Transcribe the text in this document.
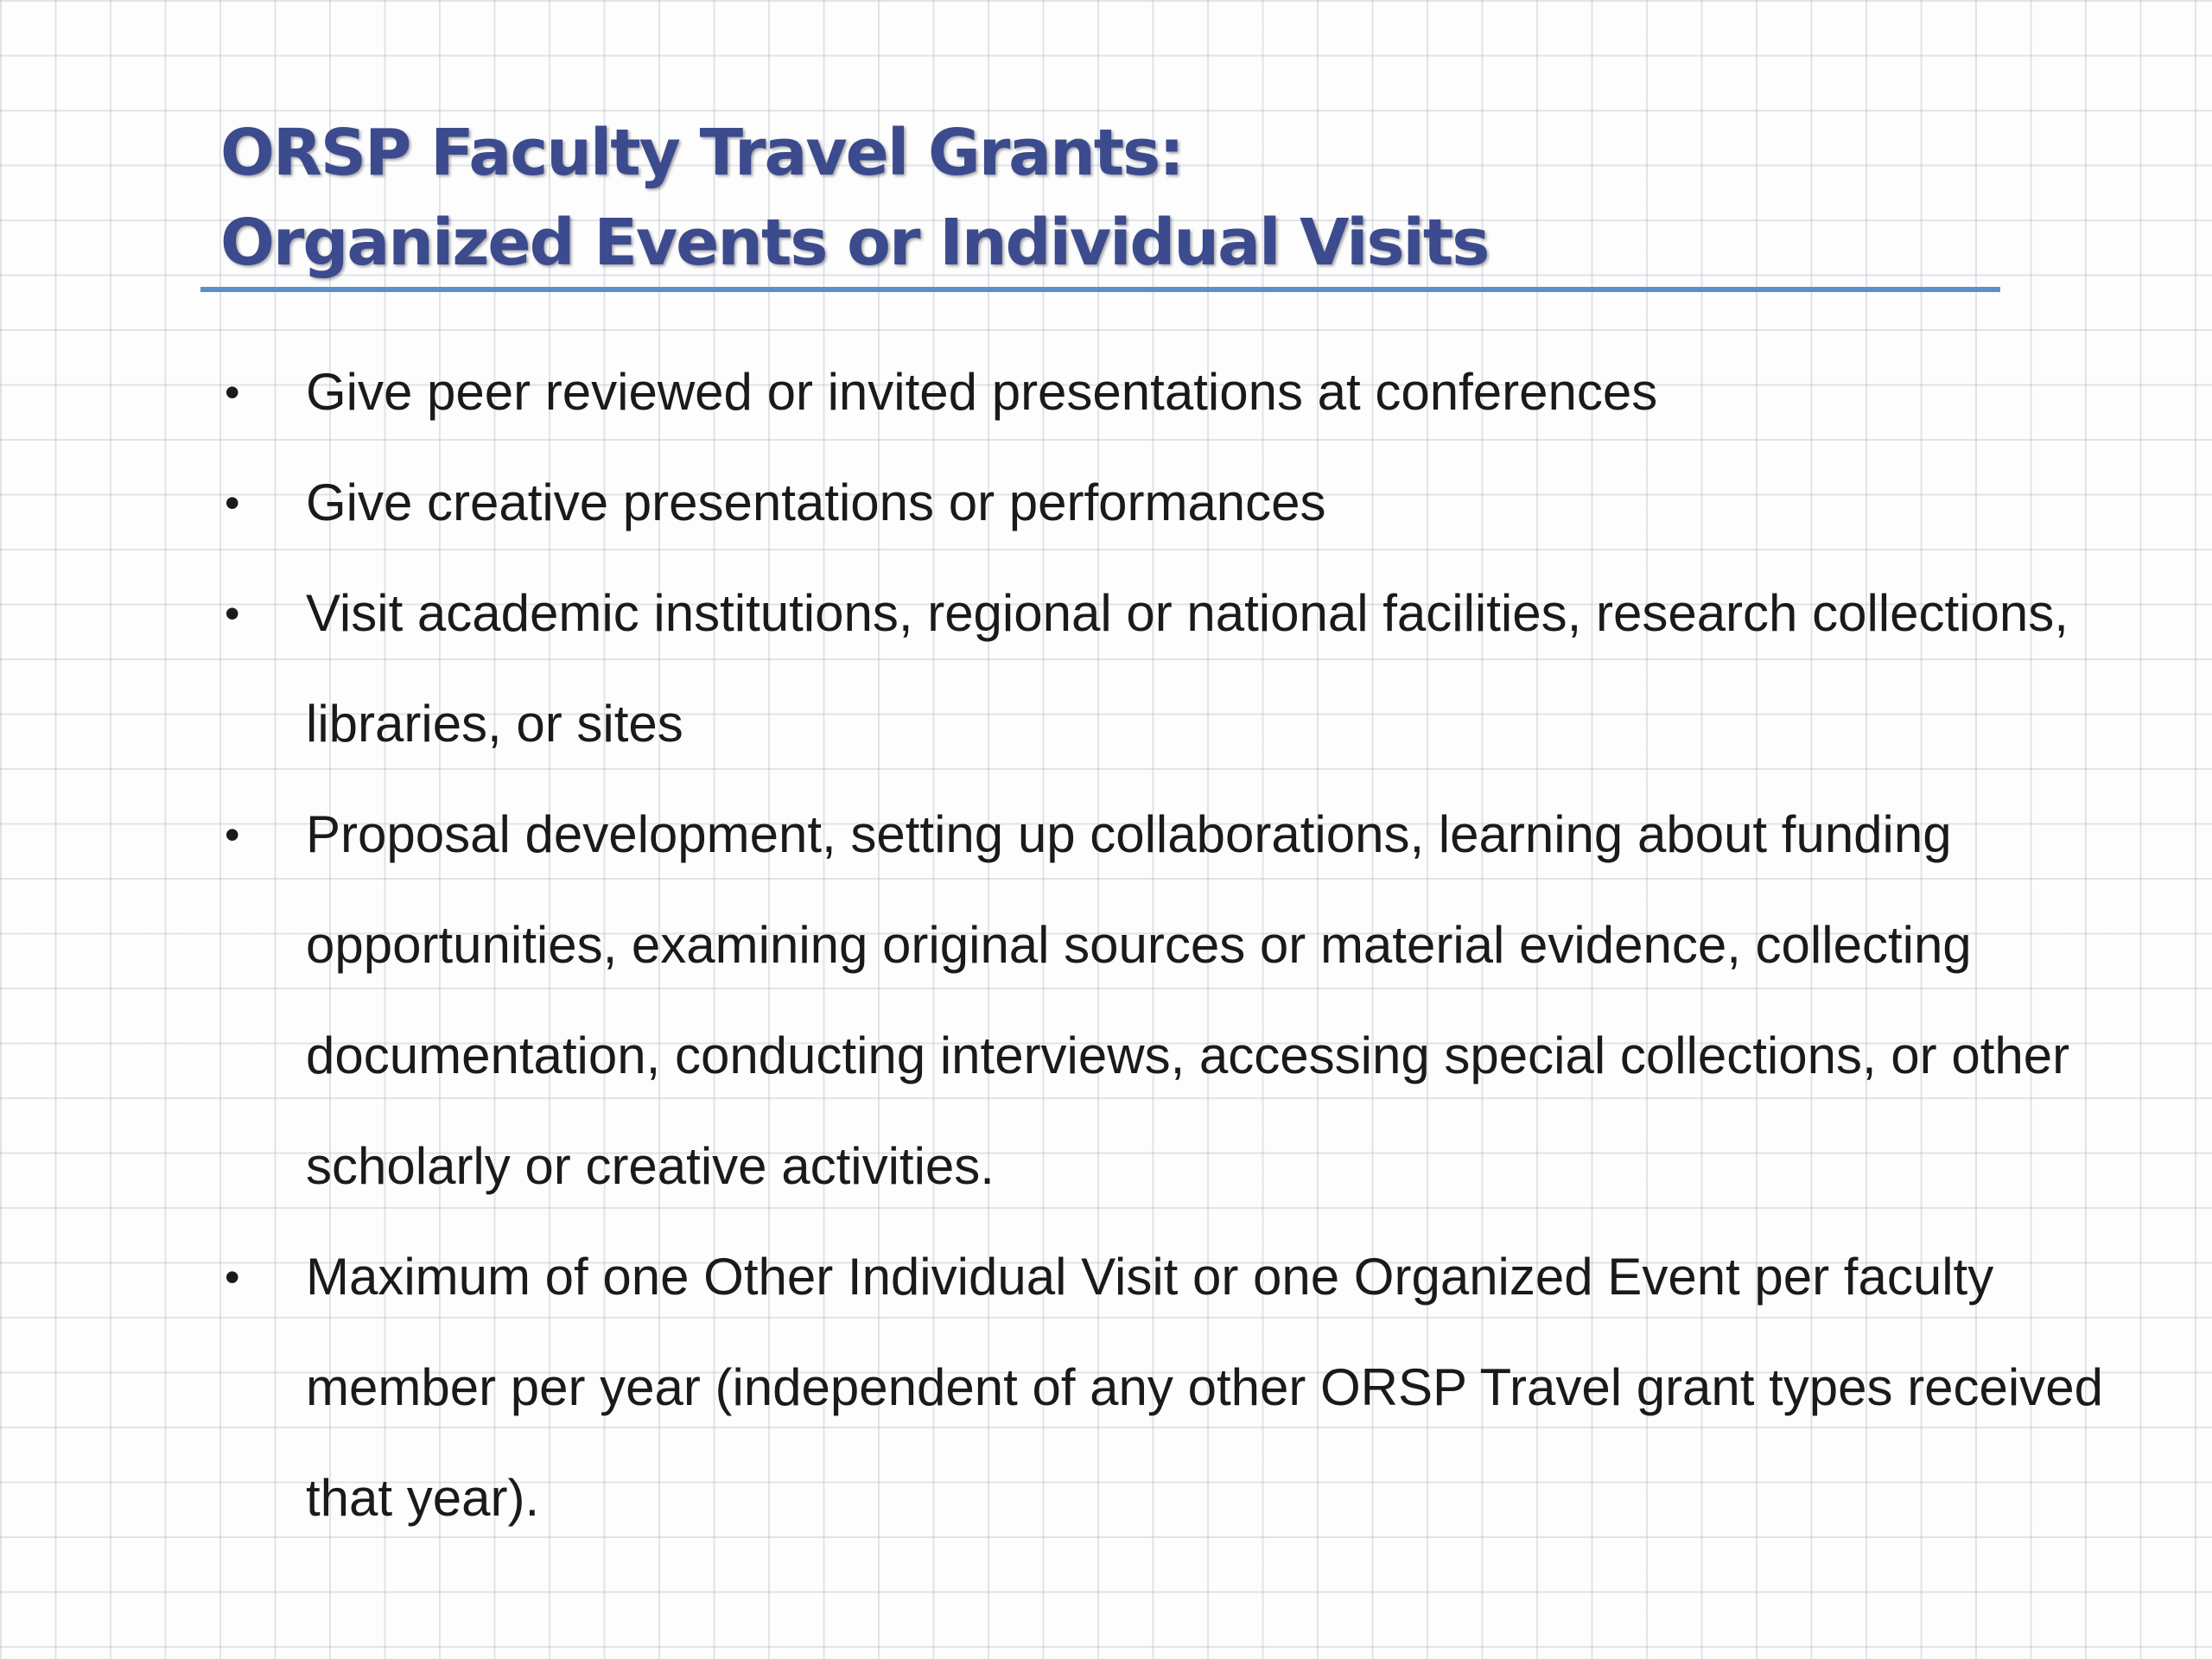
ORSP Faculty Travel Grants:
Organized Events or Individual Visits
• Give peer reviewed or invited presentations at conferences
• Give creative presentations or performances
• Visit academic institutions, regional or national facilities, research collections, libraries, or sites
• Proposal development, setting up collaborations, learning about funding opportunities, examining original sources or material evidence, collecting documentation, conducting interviews, accessing special collections, or other scholarly or creative activities.
• Maximum of one Other Individual Visit or one Organized Event per faculty member per year (independent of any other ORSP Travel grant types received that year).
